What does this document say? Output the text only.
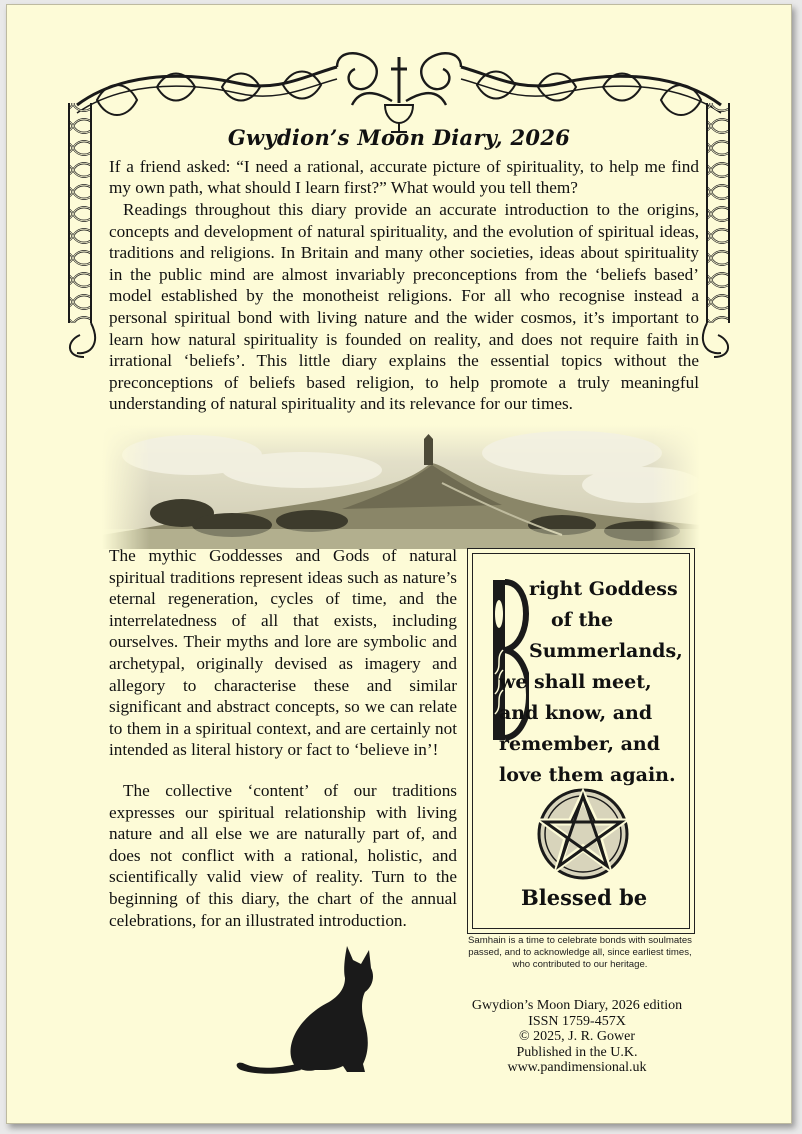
Gwydion’s Moon Diary, 2026

If a friend asked: “I need a rational, accurate picture of spirituality, to help me find my own path, what should I learn first?” What would you tell them?

Readings throughout this diary provide an accurate introduction to the origins, concepts and development of natural spirituality, and the evolution of spiritual ideas, traditions and religions. In Britain and many other societies, ideas about spirituality in the public mind are almost invariably preconceptions from the ‘beliefs based’ model established by the monotheist religions. For all who recognise instead a personal spiritual bond with living nature and the wider cosmos, it’s important to learn how natural spirituality is founded on reality, and does not require faith in irrational ‘beliefs’. This little diary explains the essential topics without the preconceptions of beliefs based religion, to help promote a truly meaningful understanding of natural spirituality and its relevance for our times.

The mythic Goddesses and Gods of natural spiritual traditions represent ideas such as nature’s eternal regeneration, cycles of time, and the interrelatedness of all that exists, including ourselves. Their myths and lore are symbolic and archetypal, originally devised as imagery and allegory to characterise these and similar significant and abstract concepts, so we can relate to them in a spiritual context, and are certainly not intended as literal history or fact to ‘believe in’!

The collective ‘content’ of our traditions expresses our spiritual relationship with living nature and all else we are naturally part of, and does not conflict with a rational, holistic, and scientifically valid view of reality. Turn to the beginning of this diary, the chart of the annual celebrations, for an illustrated introduction.

right Goddess
of the
Summerlands,
we shall meet,
and know, and
remember, and
love them again.
Blessed be
Samhain is a time to celebrate bonds with soulmates passed, and to acknowledge all, since earliest times, who contributed to our heritage.
Gwydion’s Moon Diary, 2026 edition
ISSN 1759-457X
© 2025, J. R. Gower
Published in the U.K.
www.pandimensional.uk
